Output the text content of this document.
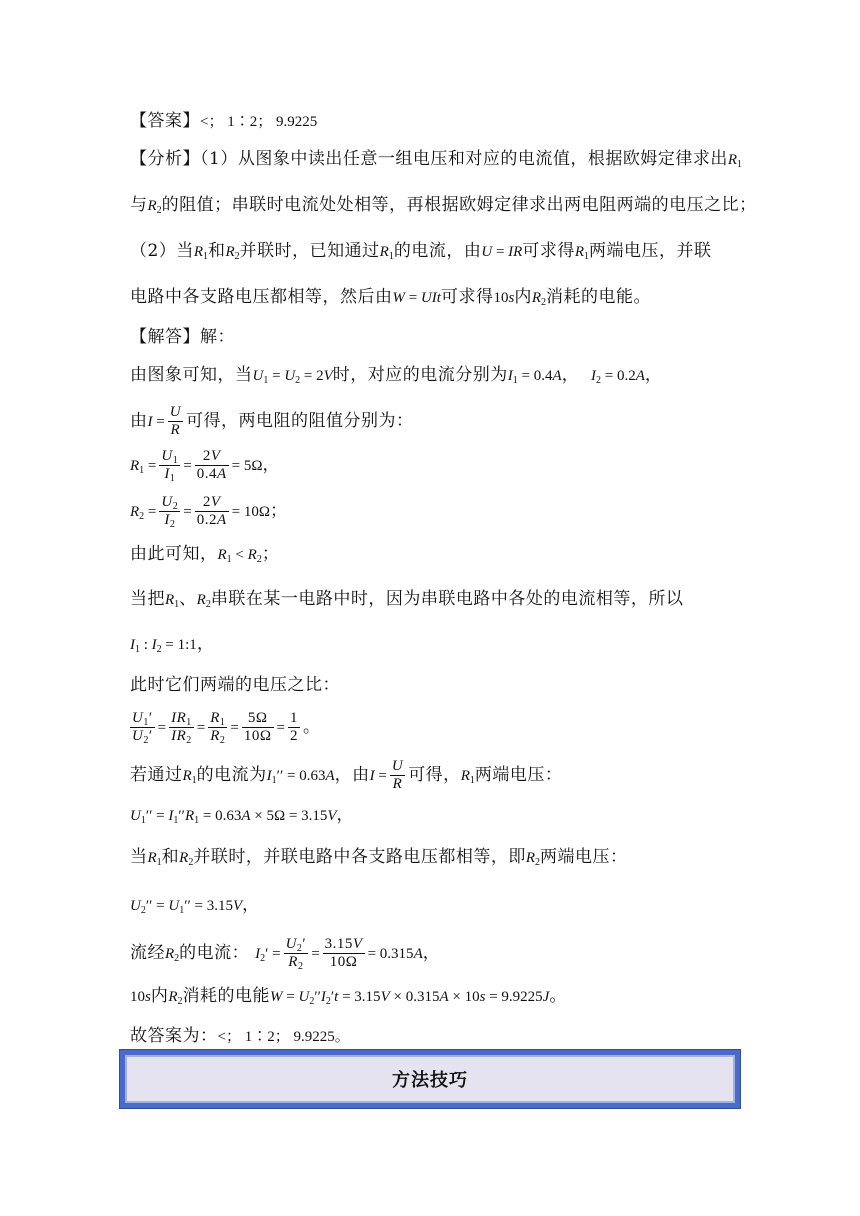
【答案】<； 1∶2； 9.9225
【分析】（1）从图象中读出任意一组电压和对应的电流值，根据欧姆定律求出$R_1$
与$R_2$的阻值；串联时电流处处相等，再根据欧姆定律求出两电阻两端的电压之比；
（2）当$R_1$和$R_2$并联时，已知通过$R_1$的电流，由U = IR可求得$R_1$两端电压，并联
电路中各支路电压都相等，然后由W = UIt可求得10s内$R_2$消耗的电能。
【解答】解：
由图象可知，当$U_1 = U_2 = 2V$时，对应的电流分别为$I_1 = 0.4A$， $I_2 = 0.2A$，
由$I = \frac{U}{R}$ 可得，两电阻的阻值分别为：
$R_1 = \frac{U_1}{I_1} = \frac{2V}{0.4A} = 5\Omega$，
$R_2 = \frac{U_2}{I_2} = \frac{2V}{0.2A} = 10\Omega$；
由此可知，$R_1 < R_2$；
当把$R_1$、$R_2$串联在某一电路中时，因为串联电路中各处的电流相等，所以
$I_1$ : $I_2$ = 1:1，
此时它们两端的电压之比：
$\frac{U_1'}{U_2'} = \frac{IR_1}{IR_2} = \frac{R_1}{R_2} = \frac{5\Omega}{10\Omega} = \frac{1}{2}$ 。
若通过$R_1$的电流为$I_1'' = 0.63A$，由$I = \frac{U}{R}$ 可得，$R_1$两端电压：
$U_1'' = I_1''R_1 = 0.63A \times 5\Omega = 3.15V$，
当$R_1$和$R_2$并联时，并联电路中各支路电压都相等，即$R_2$两端电压：
$U_2'' = U_1'' = 3.15V$，
流经$R_2$的电流： $I_2' = \frac{U_2'}{R_2} = \frac{3.15V}{10\Omega} = 0.315A$，
10s内$R_2$消耗的电能$W = U_2''I_2't = 3.15V \times 0.315A \times 10s = 9.9225J$。
故答案为：<； 1∶2； 9.9225。
方法技巧
